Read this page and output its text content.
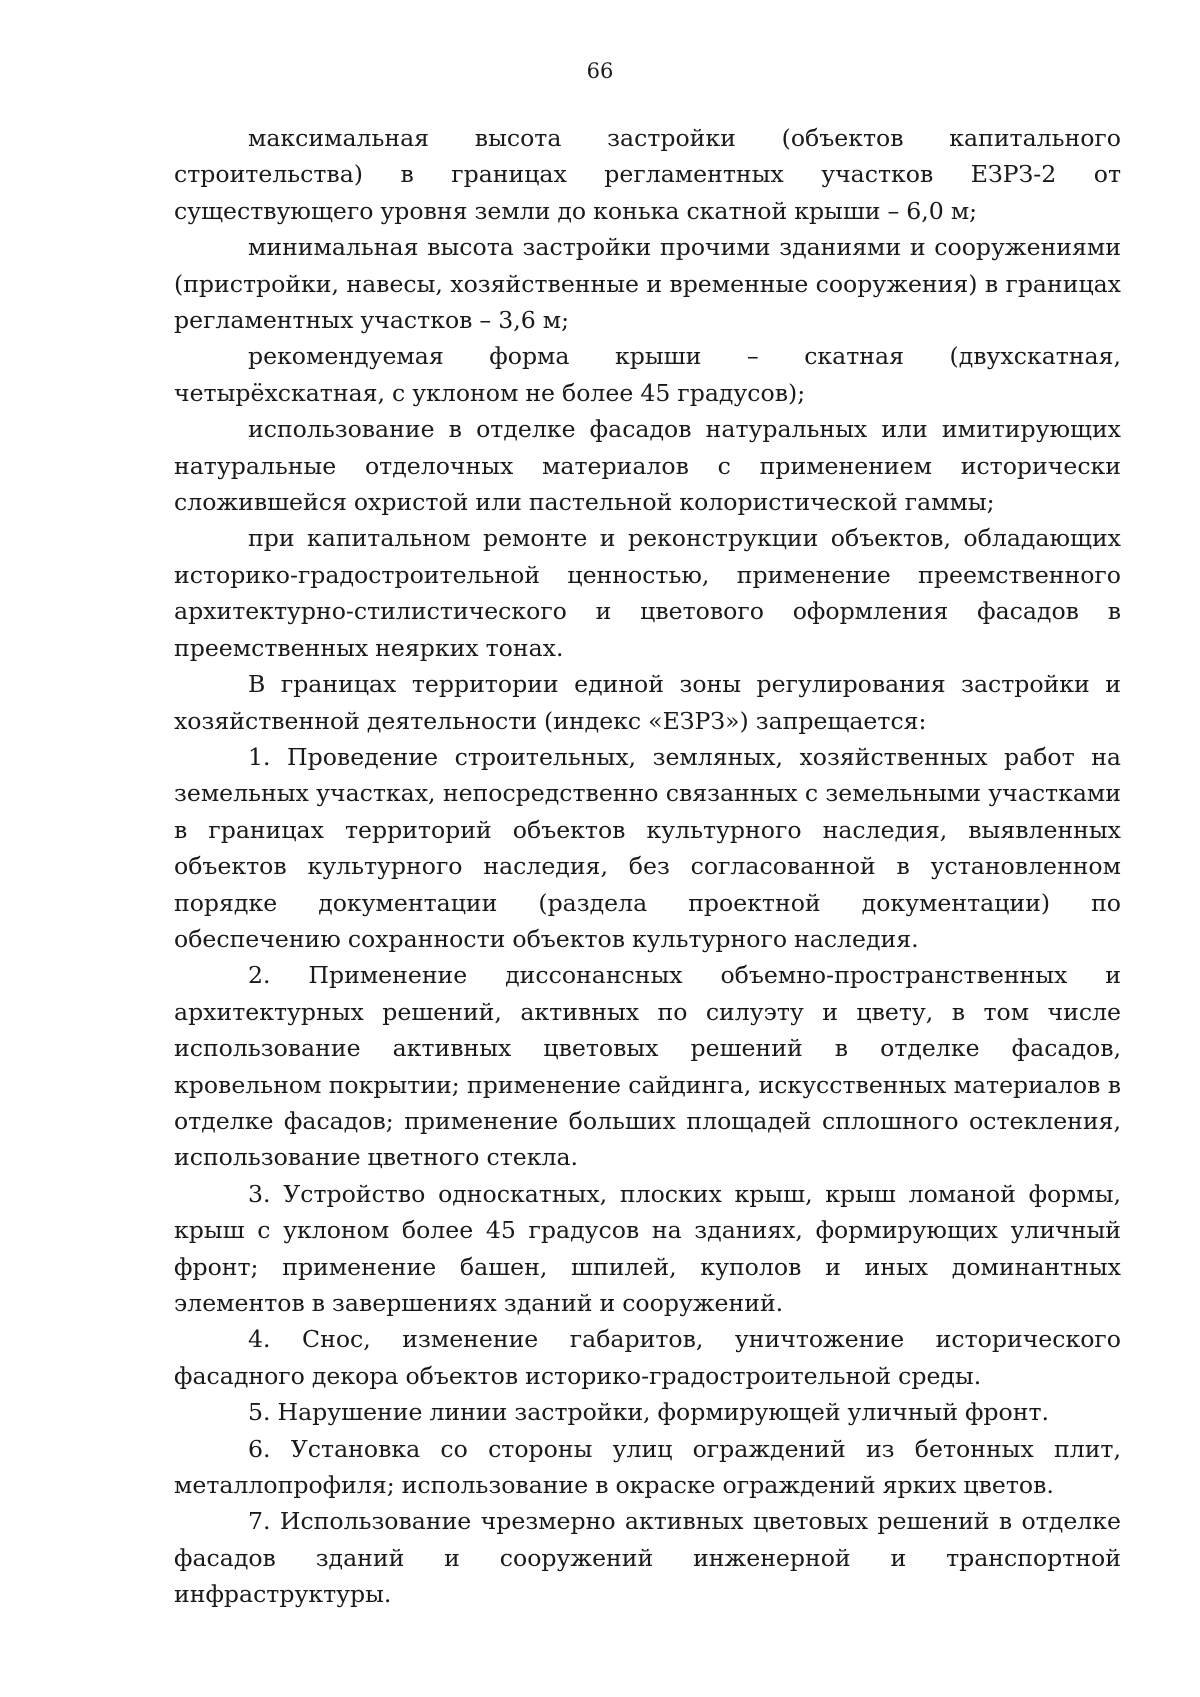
66

максимальная высота застройки (объектов капитального строительства) в границах регламентных участков ЕЗРЗ-2 от существующего уровня земли до конька скатной крыши – 6,0 м;

минимальная высота застройки прочими зданиями и сооружениями (пристройки, навесы, хозяйственные и временные сооружения) в границах регламентных участков – 3,6 м;

рекомендуемая форма крыши – скатная (двухскатная, четырёхскатная, с уклоном не более 45 градусов);

использование в отделке фасадов натуральных или имитирующих натуральные отделочных материалов с применением исторически сложившейся охристой или пастельной колористической гаммы;

при капитальном ремонте и реконструкции объектов, обладающих историко-градостроительной ценностью, применение преемственного архитектурно-стилистического и цветового оформления фасадов в преемственных неярких тонах.

В границах территории единой зоны регулирования застройки и хозяйственной деятельности (индекс «ЕЗРЗ») запрещается:

1. Проведение строительных, земляных, хозяйственных работ на земельных участках, непосредственно связанных с земельными участками в границах территорий объектов культурного наследия, выявленных объектов культурного наследия, без согласованной в установленном порядке документации (раздела проектной документации) по обеспечению сохранности объектов культурного наследия.

2. Применение диссонансных объемно-пространственных и архитектурных решений, активных по силуэту и цвету, в том числе использование активных цветовых решений в отделке фасадов, кровельном покрытии; применение сайдинга, искусственных материалов в отделке фасадов; применение больших площадей сплошного остекления, использование цветного стекла.

3. Устройство односкатных, плоских крыш, крыш ломаной формы, крыш с уклоном более 45 градусов на зданиях, формирующих уличный фронт; применение башен, шпилей, куполов и иных доминантных элементов в завершениях зданий и сооружений.

4. Снос, изменение габаритов, уничтожение исторического фасадного декора объектов историко-градостроительной среды.

5. Нарушение линии застройки, формирующей уличный фронт.

6. Установка со стороны улиц ограждений из бетонных плит, металлопрофиля; использование в окраске ограждений ярких цветов.

7. Использование чрезмерно активных цветовых решений в отделке фасадов зданий и сооружений инженерной и транспортной инфраструктуры.
